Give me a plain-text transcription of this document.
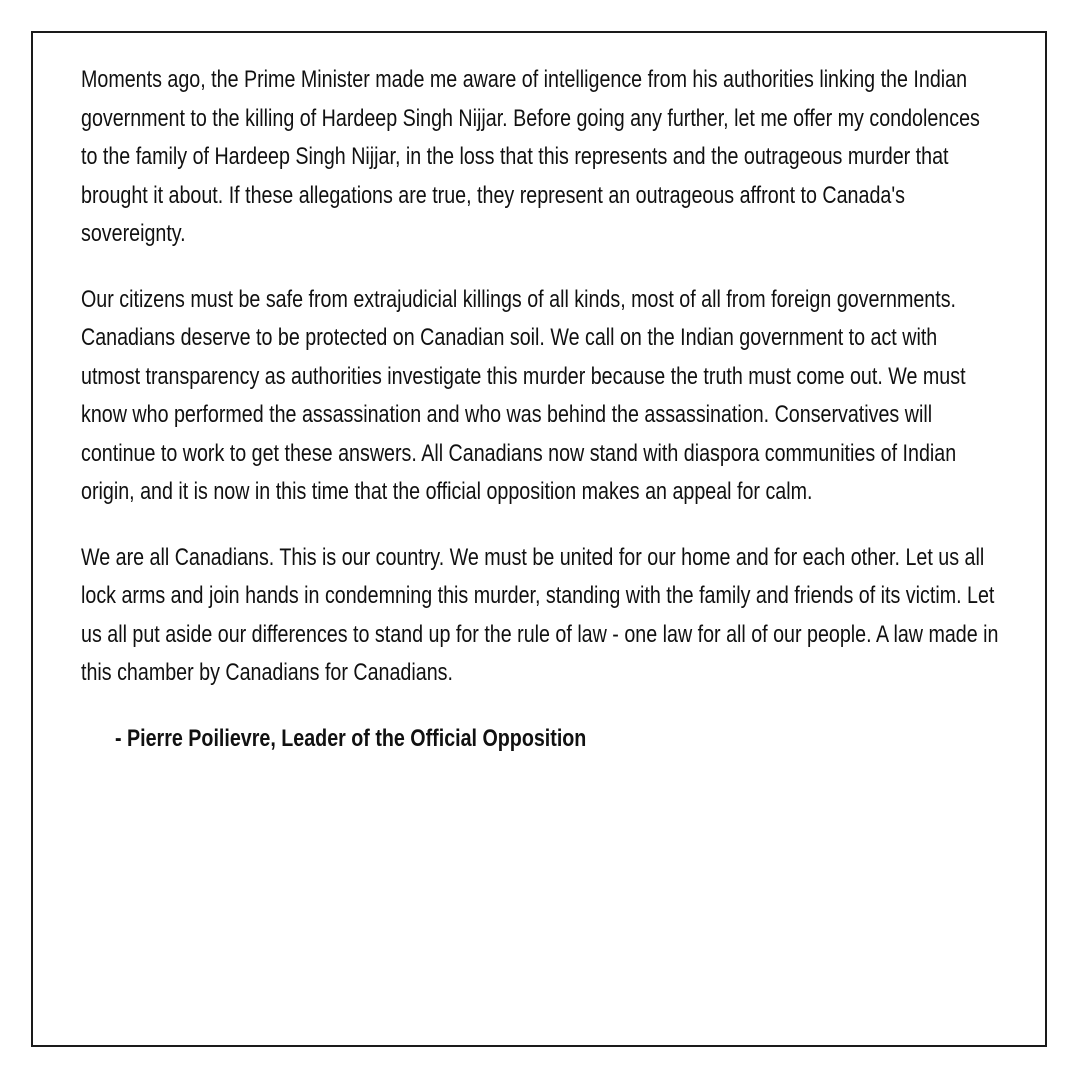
Moments ago, the Prime Minister made me aware of intelligence from his authorities linking the Indian government to the killing of Hardeep Singh Nijjar. Before going any further, let me offer my condolences to the family of Hardeep Singh Nijjar, in the loss that this represents and the outrageous murder that brought it about. If these allegations are true, they represent an outrageous affront to Canada's sovereignty.

Our citizens must be safe from extrajudicial killings of all kinds, most of all from foreign governments. Canadians deserve to be protected on Canadian soil. We call on the Indian government to act with utmost transparency as authorities investigate this murder because the truth must come out. We must know who performed the assassination and who was behind the assassination. Conservatives will continue to work to get these answers. All Canadians now stand with diaspora communities of Indian origin, and it is now in this time that the official opposition makes an appeal for calm.

We are all Canadians. This is our country. We must be united for our home and for each other. Let us all lock arms and join hands in condemning this murder, standing with the family and friends of its victim. Let us all put aside our differences to stand up for the rule of law - one law for all of our people. A law made in this chamber by Canadians for Canadians.

- Pierre Poilievre, Leader of the Official Opposition
